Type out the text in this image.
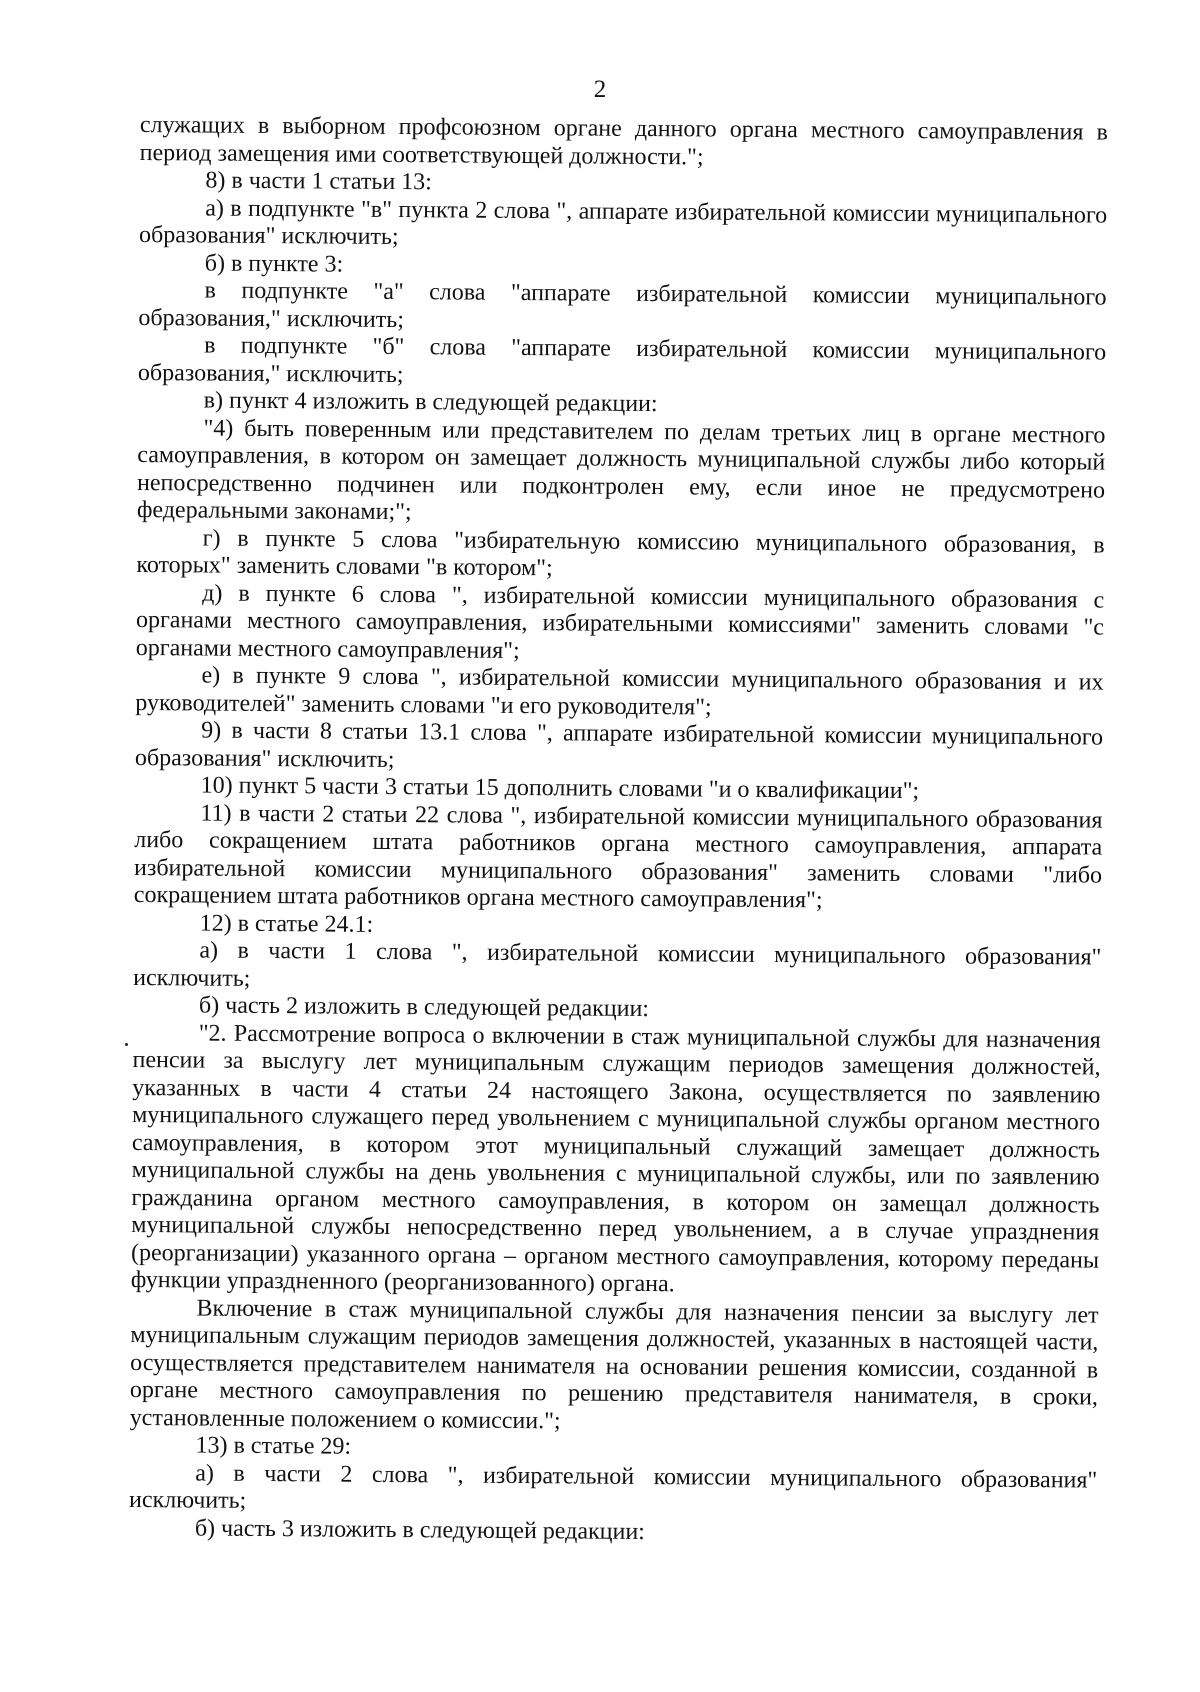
2

служащих в выборном профсоюзном органе данного органа местного самоуправления в период замещения ими соответствующей должности.";

8) в части 1 статьи 13:

а) в подпункте "в" пункта 2 слова ", аппарате избирательной комиссии муниципального образования" исключить;

б) в пункте 3:

в подпункте "а" слова "аппарате избирательной комиссии муниципального образования," исключить;

в подпункте "б" слова "аппарате избирательной комиссии муниципального образования," исключить;

в) пункт 4 изложить в следующей редакции:

"4) быть поверенным или представителем по делам третьих лиц в органе местного самоуправления, в котором он замещает должность муниципальной службы либо который непосредственно подчинен или подконтролен ему, если иное не предусмотрено федеральными законами;";

г) в пункте 5 слова "избирательную комиссию муниципального образования, в которых" заменить словами "в котором";

д) в пункте 6 слова ", избирательной комиссии муниципального образования с органами местного самоуправления, избирательными комиссиями" заменить словами "с органами местного самоуправления";

е) в пункте 9 слова ", избирательной комиссии муниципального образования и их руководителей" заменить словами "и его руководителя";

9) в части 8 статьи 13.1 слова ", аппарате избирательной комиссии муниципального образования" исключить;

10) пункт 5 части 3 статьи 15 дополнить словами "и о квалификации";

11) в части 2 статьи 22 слова ", избирательной комиссии муниципального образования либо сокращением штата работников органа местного самоуправления, аппарата избирательной комиссии муниципального образования" заменить словами "либо сокращением штата работников органа местного самоуправления";

12) в статье 24.1:

а) в части 1 слова ", избирательной комиссии муниципального образования" исключить;

б) часть 2 изложить в следующей редакции:

"2. Рассмотрение вопроса о включении в стаж муниципальной службы для назначения пенсии за выслугу лет муниципальным служащим периодов замещения должностей, указанных в части 4 статьи 24 настоящего Закона, осуществляется по заявлению муниципального служащего перед увольнением с муниципальной службы органом местного самоуправления, в котором этот муниципальный служащий замещает должность муниципальной службы на день увольнения с муниципальной службы, или по заявлению гражданина органом местного самоуправления, в котором он замещал должность муниципальной службы непосредственно перед увольнением, а в случае упразднения (реорганизации) указанного органа – органом местного самоуправления, которому переданы функции упраздненного (реорганизованного) органа.

Включение в стаж муниципальной службы для назначения пенсии за выслугу лет муниципальным служащим периодов замещения должностей, указанных в настоящей части, осуществляется представителем нанимателя на основании решения комиссии, созданной в органе местного самоуправления по решению представителя нанимателя, в сроки, установленные положением о комиссии.";

13) в статье 29:

а) в части 2 слова ", избирательной комиссии муниципального образования" исключить;

б) часть 3 изложить в следующей редакции:
